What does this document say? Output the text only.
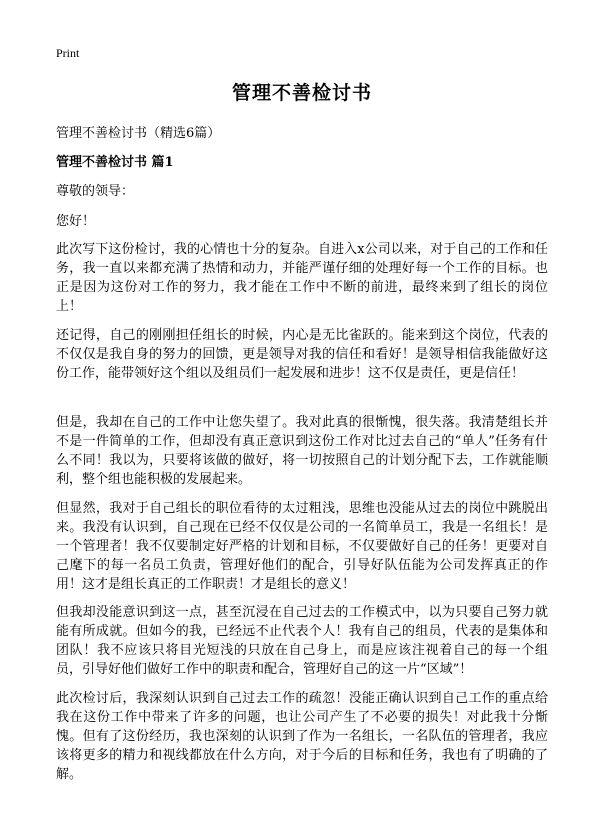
Print
管理不善检讨书
管理不善检讨书（精选6篇）
管理不善检讨书 篇1
尊敬的领导：
您好！

此次写下这份检讨，我的心情也十分的复杂。自进入x公司以来，对于自己的工作和任务，我一直以来都充满了热情和动力，并能严谨仔细的处理好每一个工作的目标。也正是因为这份对工作的努力，我才能在工作中不断的前进，最终来到了组长的岗位上！

还记得，自己的刚刚担任组长的时候，内心是无比雀跃的。能来到这个岗位，代表的不仅仅是我自身的努力的回馈，更是领导对我的信任和看好！是领导相信我能做好这份工作，能带领好这个组以及组员们一起发展和进步！这不仅是责任，更是信任！

但是，我却在自己的工作中让您失望了。我对此真的很惭愧，很失落。我清楚组长并不是一件简单的工作，但却没有真正意识到这份工作对比过去自己的“单人”任务有什么不同！我以为，只要将该做的做好，将一切按照自己的计划分配下去，工作就能顺利，整个组也能积极的发展起来。

但显然，我对于自己组长的职位看待的太过粗浅，思维也没能从过去的岗位中跳脱出来。我没有认识到，自己现在已经不仅仅是公司的一名简单员工，我是一名组长！是一个管理者！我不仅要制定好严格的计划和目标，不仅要做好自己的任务！更要对自己麾下的每一名员工负责，管理好他们的配合，引导好队伍能为公司发挥真正的作用！这才是组长真正的工作职责！才是组长的意义！

但我却没能意识到这一点，甚至沉浸在自己过去的工作模式中，以为只要自己努力就能有所成就。但如今的我，已经远不止代表个人！我有自己的组员，代表的是集体和团队！我不应该只将目光短浅的只放在自己身上，而是应该注视着自己的每一个组员，引导好他们做好工作中的职责和配合，管理好自己的这一片“区域”！

此次检讨后，我深刻认识到自己过去工作的疏忽！没能正确认识到自己工作的重点给我在这份工作中带来了许多的问题，也让公司产生了不必要的损失！对此我十分惭愧。但有了这份经历，我也深刻的认识到了作为一名组长，一名队伍的管理者，我应该将更多的精力和视线都放在什么方向，对于今后的目标和任务，我也有了明确的了解。
